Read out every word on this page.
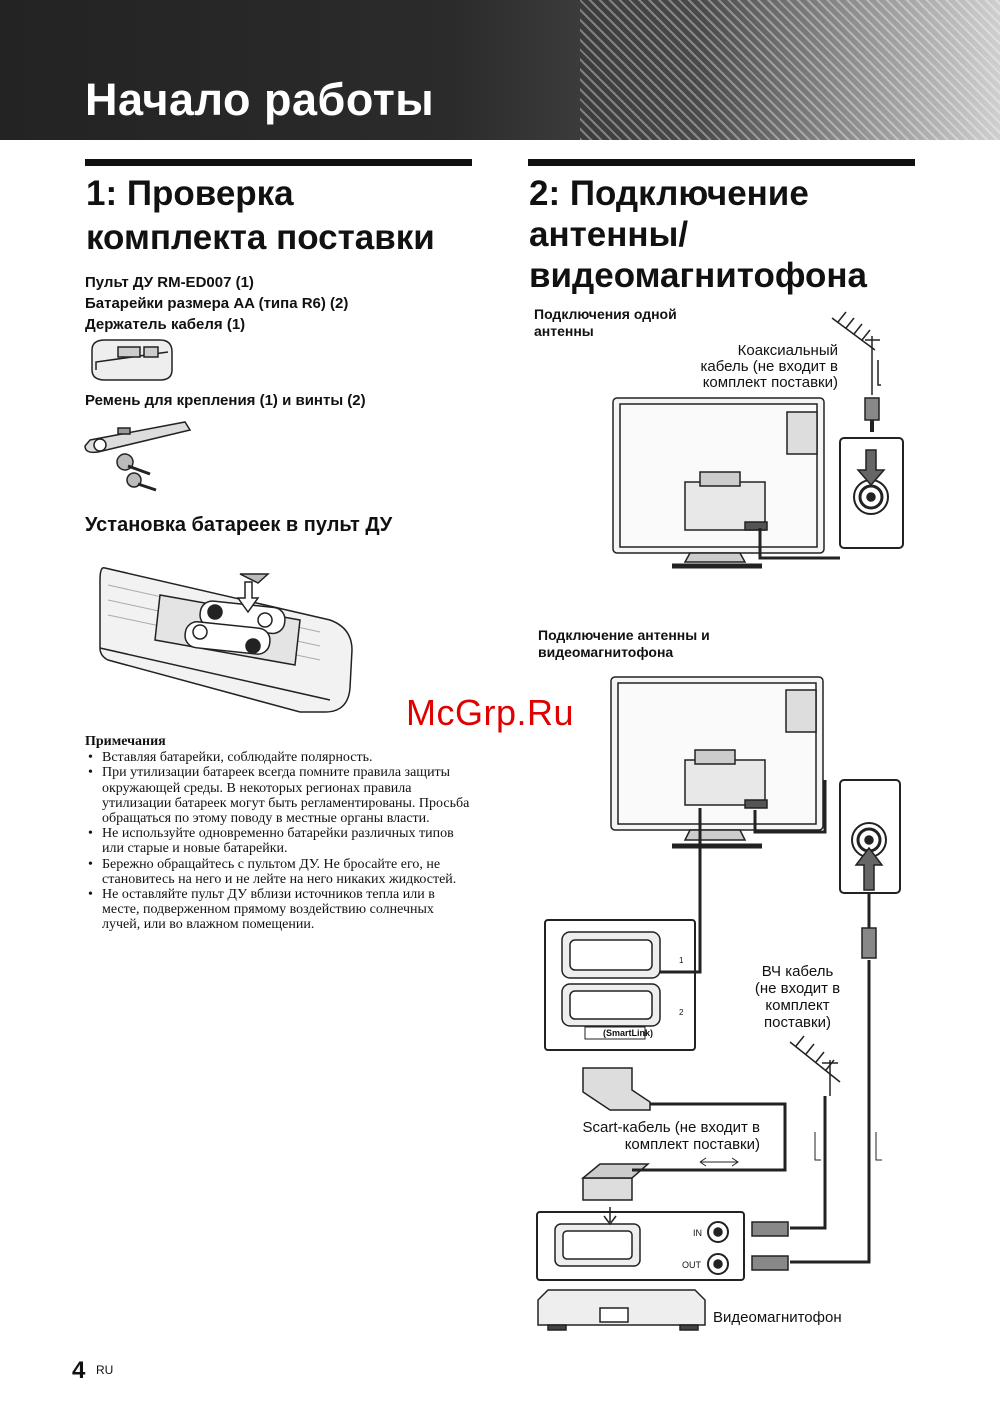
Начало работы
1: Проверка
комплекта поставки
Пульт ДУ RM-ED007 (1)
Батарейки размера AA (типа R6) (2)
Держатель кабеля (1)
Ремень для крепления (1) и винты (2)
Установка батареек в пульт ДУ
Примечания
• Вставляя батарейки, соблюдайте полярность.
• При утилизации батареек всегда помните правила защиты окружающей среды. В некоторых регионах правила утилизации батареек могут быть регламентированы. Просьба обращаться по этому поводу в местные органы власти.
• Не используйте одновременно батарейки различных типов или старые и новые батарейки.
• Бережно обращайтесь с пультом ДУ. Не бросайте его, не становитесь на него и не лейте на него никаких жидкостей.
• Не оставляйте пульт ДУ вблизи источников тепла или в месте, подверженном прямому воздействию солнечных лучей, или во влажном помещении.
2: Подключение
антенны/
видеомагнитофона
Подключения одной
антенны
Коаксиальный
кабель (не входит в
комплект поставки)
Подключение антенны и
видеомагнитофона
ВЧ кабель
(не входит в
комплект
поставки)
Scart-кабель (не входит в
комплект поставки)
Видеомагнитофон
(SmartLink)
1
2
IN
OUT
McGrp.Ru
4 RU
